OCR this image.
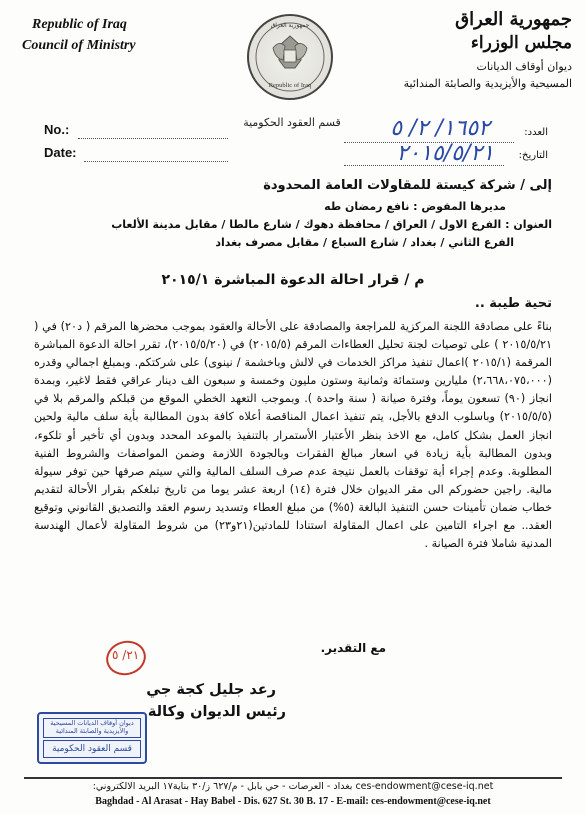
Republic of Iraq
Council of Ministry
جمهورية العراق
Republic of Iraq
جمهورية العراق
مجلس الوزراء
ديوان أوقاف الديانات
المسيحية والأيزيدية والصابئة المندائية
قسم العقود الحكومية
No.:
Date:
العدد:
التاريخ:
١٦٥٢/ ٢/ ٥
٢٠١٥/٥/٢١
إلى / شركة كيستة للمقاولات العامة المحدودة
مديرها المفوض : نافع رمضان طه
العنوان : الفرع الاول / العراق / محافظة دهوك / شارع مالطا / مقابل مدينة الألعاب
الفرع الثاني / بغداد / شارع السباع / مقابل مصرف بغداد
م / قرار احالة الدعوة المباشرة ٢٠١٥/١
تحية طيبة ..
بناءً على مصادقة اللجنة المركزية للمراجعة والمصادقة على الأحالة والعقود بموجب محضرها المرقم ( د٢٠) في ( ٢٠١٥/٥/٢١ ) على توصيات لجنة تحليل العطاءات المرقم (٢٠١٥/٥) في (٢٠١٥/٥/٢٠)، تقرر احالة الدعوة المباشرة المرقمة (٢٠١٥/١ )اعمال تنفيذ مراكز الخدمات في لالش وباخشمة / نينوى) على شركتكم. وبمبلغ اجمالي وقدره (٢،٦٦٨،٠٧٥،٠٠٠) مليارين وستمائة وثمانية وستون مليون وخمسة و سبعون الف دينار عراقي فقط لاغير، وبمدة انجاز (٩٠) تسعون يوماً، وفترة صيانة ( سنة واحدة ). وبموجب التعهد الخطي الموقع من قبلكم والمرقم بلا في (٢٠١٥/٥/٥) وباسلوب الدفع بالأجل، يتم تنفيذ اعمال المناقصة أعلاه كافة بدون المطالبة بأية سلف مالية ولحين انجاز العمل بشكل كامل، مع الاخذ بنظر الأعتبار الأستمرار بالتنفيذ بالموعد المحدد وبدون أي تأخير أو تلكوء، وبدون المطالبة بأية زيادة في اسعار مبالغ الفقرات وبالجودة اللازمة وضمن المواصفات والشروط الفنية المطلوبة. وعدم إجراء أية توقفات بالعمل نتيجة عدم صرف السلف المالية والتي سيتم صرفها حين توفر سيولة مالية. راجين حضوركم الى مقر الديوان خلال فترة (١٤) اربعة عشر يوما من تاريخ تبلغكم بقرار الأحالة لتقديم خطاب ضمان تأمينات حسن التنفيذ البالغة (٥%) من مبلغ العطاء وتسديد رسوم العقد والتصديق القانوني وتوقيع العقد.. مع اجراء التامين على اعمال المقاولة استنادا للمادتين(٢١و٢٣) من شروط المقاولة لأعمال الهندسة المدنية شاملا فترة الصيانة .
مع التقدير.
٢١/ ٥
رعد جليل كجة جي
رئيس الديوان وكالة
ديوان أوقاف الديانات المسيحية والأيزيدية والصابئة المندائية
قسم العقود الحكومية
ces-endowment@cese-iq.net بغداد - العرصات - حي بابل - م/٦٢٧ ز/٣٠ بناية١٧ البريد الالكتروني:
Baghdad - Al Arasat - Hay Babel - Dis. 627 St. 30 B. 17 - E-mail: ces-endowment@cese-iq.net
